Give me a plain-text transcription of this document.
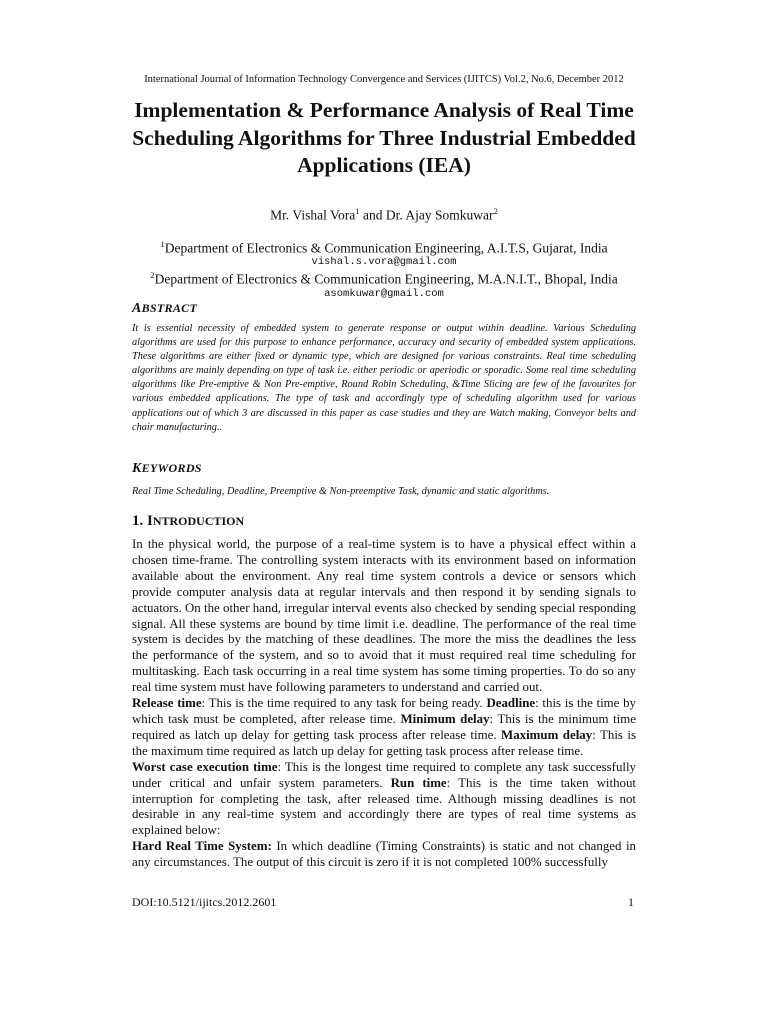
International Journal of Information Technology Convergence and Services (IJITCS) Vol.2, No.6, December 2012
Implementation & Performance Analysis of Real Time Scheduling Algorithms for Three Industrial Embedded Applications (IEA)
Mr. Vishal Vora$^1$ and Dr. Ajay Somkuwar$^2$
$^1$Department of Electronics & Communication Engineering, A.I.T.S, Gujarat, India
vishal.s.vora@gmail.com
$^2$Department of Electronics & Communication Engineering, M.A.N.I.T., Bhopal, India
asomkuwar@gmail.com
ABSTRACT
It is essential necessity of embedded system to generate response or output within deadline. Various Scheduling algorithms are used for this purpose to enhance performance, accuracy and security of embedded system applications. These algorithms are either fixed or dynamic type, which are designed for various constraints. Real time scheduling algorithms are mainly depending on type of task i.e. either periodic or aperiodic or sporadic. Some real time scheduling algorithms like Pre-emptive & Non Pre-emptive, Round Robin Scheduling, &Time Slicing are few of the favourites for various embedded applications. The type of task and accordingly type of scheduling algorithm used for various applications out of which 3 are discussed in this paper as case studies and they are Watch making, Conveyor belts and chair manufacturing..
KEYWORDS
Real Time Scheduling, Deadline, Preemptive & Non-preemptive Task, dynamic and static algorithms.
1. INTRODUCTION

In the physical world, the purpose of a real-time system is to have a physical effect within a chosen time-frame. The controlling system interacts with its environment based on information available about the environment. Any real time system controls a device or sensors which provide computer analysis data at regular intervals and then respond it by sending signals to actuators. On the other hand, irregular interval events also checked by sending special responding signal. All these systems are bound by time limit i.e. deadline. The performance of the real time system is decides by the matching of these deadlines. The more the miss the deadlines the less the performance of the system, and so to avoid that it must required real time scheduling for multitasking. Each task occurring in a real time system has some timing properties. To do so any real time system must have following parameters to understand and carried out.

Release time: This is the time required to any task for being ready. Deadline: this is the time by which task must be completed, after release time. Minimum delay: This is the minimum time required as latch up delay for getting task process after release time. Maximum delay: This is the maximum time required as latch up delay for getting task process after release time.

Worst case execution time: This is the longest time required to complete any task successfully under critical and unfair system parameters. Run time: This is the time taken without interruption for completing the task, after released time. Although missing deadlines is not desirable in any real-time system and accordingly there are types of real time systems as explained below:

Hard Real Time System: In which deadline (Timing Constraints) is static and not changed in any circumstances. The output of this circuit is zero if it is not completed 100% successfully

DOI:10.5121/ijitcs.2012.2601	1
